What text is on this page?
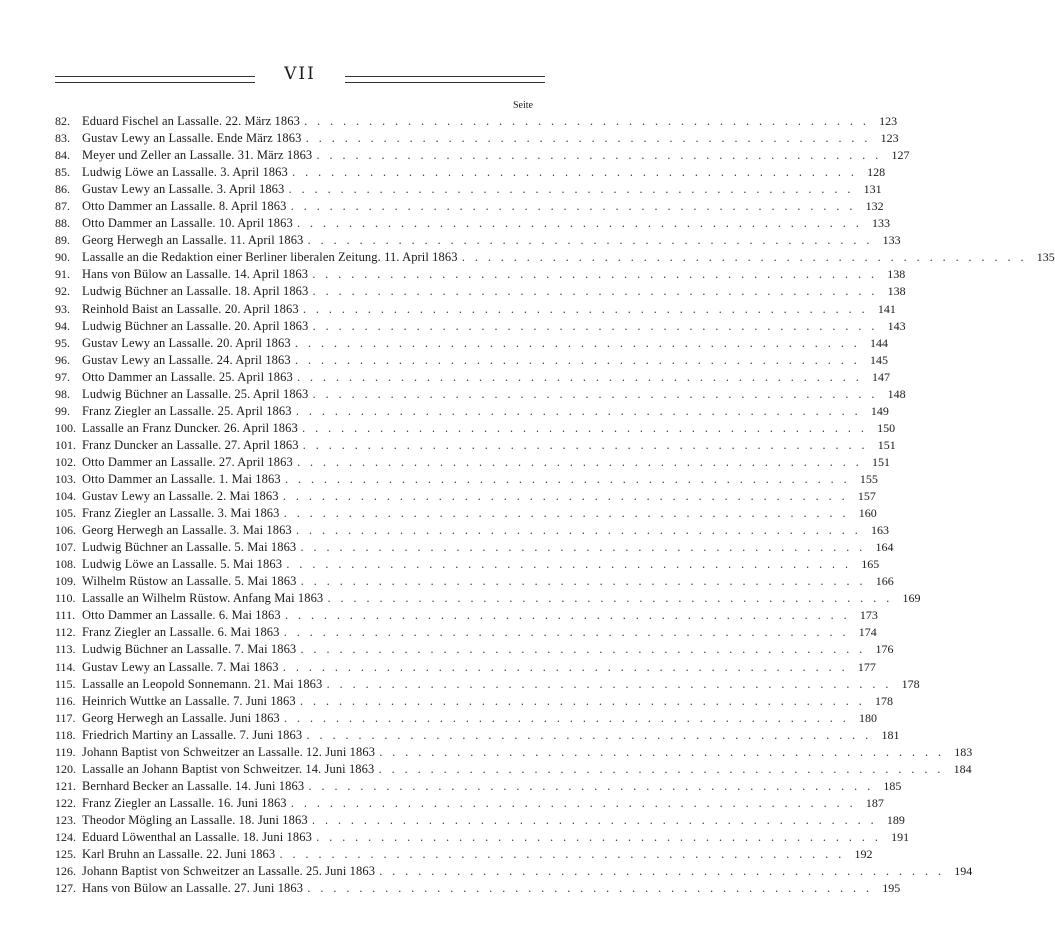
VII
Seite
82. Eduard Fischel an Lassalle. 22. März 1863 . . .	123
83. Gustav Lewy an Lassalle. Ende März 1863 . . .	123
84. Meyer und Zeller an Lassalle. 31. März 1863 . . .	127
85. Ludwig Löwe an Lassalle. 3. April 1863 . . .	128
86. Gustav Lewy an Lassalle. 3. April 1863 . . .	131
87. Otto Dammer an Lassalle. 8. April 1863 . . .	132
88. Otto Dammer an Lassalle. 10. April 1863 . . .	133
89. Georg Herwegh an Lassalle. 11. April 1863 . . .	133
90. Lassalle an die Redaktion einer Berliner liberalen Zeitung. 11. April 1863 . . .	135
91. Hans von Bülow an Lassalle. 14. April 1863 . . .	138
92. Ludwig Büchner an Lassalle. 18. April 1863 . . .	138
93. Reinhold Baist an Lassalle. 20. April 1863 . . .	141
94. Ludwig Büchner an Lassalle. 20. April 1863 . . .	143
95. Gustav Lewy an Lassalle. 20. April 1863 . . .	144
96. Gustav Lewy an Lassalle. 24. April 1863 . . .	145
97. Otto Dammer an Lassalle. 25. April 1863 . . .	147
98. Ludwig Büchner an Lassalle. 25. April 1863 . . .	148
99. Franz Ziegler an Lassalle. 25. April 1863 . . .	149
100. Lassalle an Franz Duncker. 26. April 1863 . . .	150
101. Franz Duncker an Lassalle. 27. April 1863 . . .	151
102. Otto Dammer an Lassalle. 27. April 1863 . . .	151
103. Otto Dammer an Lassalle. 1. Mai 1863 . . .	155
104. Gustav Lewy an Lassalle. 2. Mai 1863 . . .	157
105. Franz Ziegler an Lassalle. 3. Mai 1863 . . .	160
106. Georg Herwegh an Lassalle. 3. Mai 1863 . . .	163
107. Ludwig Büchner an Lassalle. 5. Mai 1863 . . .	164
108. Ludwig Löwe an Lassalle. 5. Mai 1863 . . .	165
109. Wilhelm Rüstow an Lassalle. 5. Mai 1863 . . .	166
110. Lassalle an Wilhelm Rüstow. Anfang Mai 1863 . . .	169
111. Otto Dammer an Lassalle. 6. Mai 1863 . . .	173
112. Franz Ziegler an Lassalle. 6. Mai 1863 . . .	174
113. Ludwig Büchner an Lassalle. 7. Mai 1863 . . .	176
114. Gustav Lewy an Lassalle. 7. Mai 1863 . . .	177
115. Lassalle an Leopold Sonnemann. 21. Mai 1863 . . .	178
116. Heinrich Wuttke an Lassalle. 7. Juni 1863 . . .	178
117. Georg Herwegh an Lassalle. Juni 1863 . . .	180
118. Friedrich Martiny an Lassalle. 7. Juni 1863 . . .	181
119. Johann Baptist von Schweitzer an Lassalle. 12. Juni 1863 . . .	183
120. Lassalle an Johann Baptist von Schweitzer. 14. Juni 1863 . . .	184
121. Bernhard Becker an Lassalle. 14. Juni 1863 . . .	185
122. Franz Ziegler an Lassalle. 16. Juni 1863 . . .	187
123. Theodor Mögling an Lassalle. 18. Juni 1863 . . .	189
124. Eduard Löwenthal an Lassalle. 18. Juni 1863 . . .	191
125. Karl Bruhn an Lassalle. 22. Juni 1863 . . .	192
126. Johann Baptist von Schweitzer an Lassalle. 25. Juni 1863 . . .	194
127. Hans von Bülow an Lassalle. 27. Juni 1863 . . .	195
